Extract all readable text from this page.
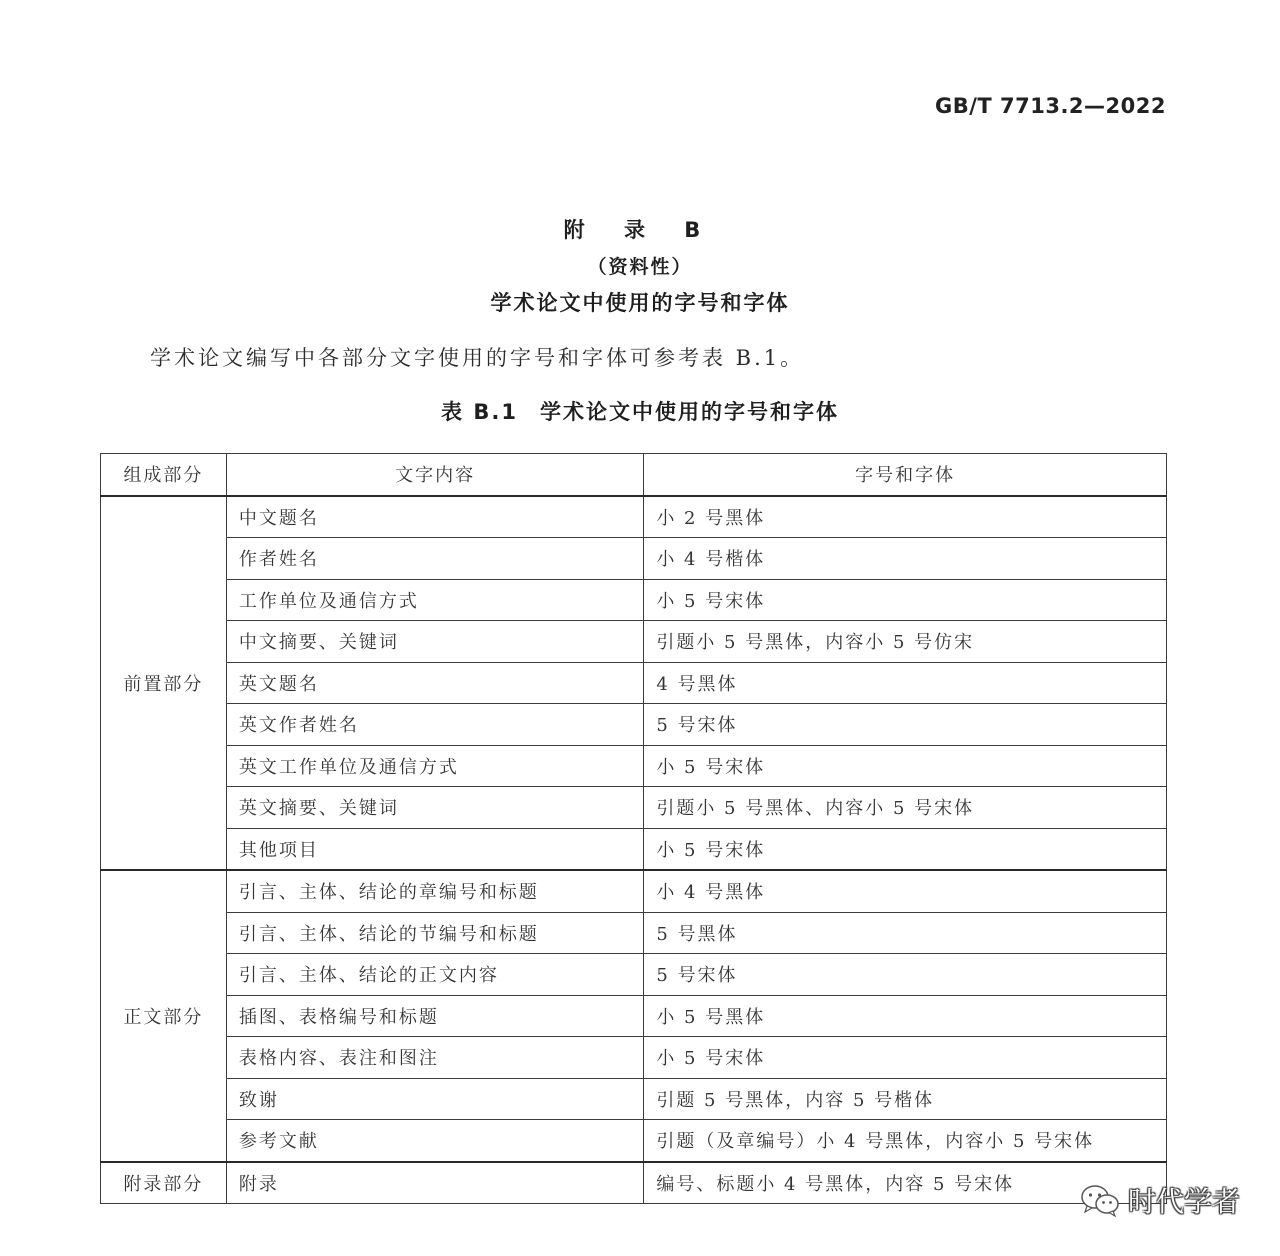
GB/T 7713.2—2022
附 录 B
（资料性）
学术论文中使用的字号和字体
学术论文编写中各部分文字使用的字号和字体可参考表 B.1。
表 B.1 学术论文中使用的字号和字体
组成部分	文字内容	字号和字体
前置部分	中文题名	小 2 号黑体
	作者姓名	小 4 号楷体
	工作单位及通信方式	小 5 号宋体
	中文摘要、关键词	引题小 5 号黑体，内容小 5 号仿宋
	英文题名	4 号黑体
	英文作者姓名	5 号宋体
	英文工作单位及通信方式	小 5 号宋体
	英文摘要、关键词	引题小 5 号黑体、内容小 5 号宋体
	其他项目	小 5 号宋体
正文部分	引言、主体、结论的章编号和标题	小 4 号黑体
	引言、主体、结论的节编号和标题	5 号黑体
	引言、主体、结论的正文内容	5 号宋体
	插图、表格编号和标题	小 5 号黑体
	表格内容、表注和图注	小 5 号宋体
	致谢	引题 5 号黑体，内容 5 号楷体
	参考文献	引题（及章编号）小 4 号黑体，内容小 5 号宋体
附录部分	附录	编号、标题小 4 号黑体，内容 5 号宋体
时代学者
